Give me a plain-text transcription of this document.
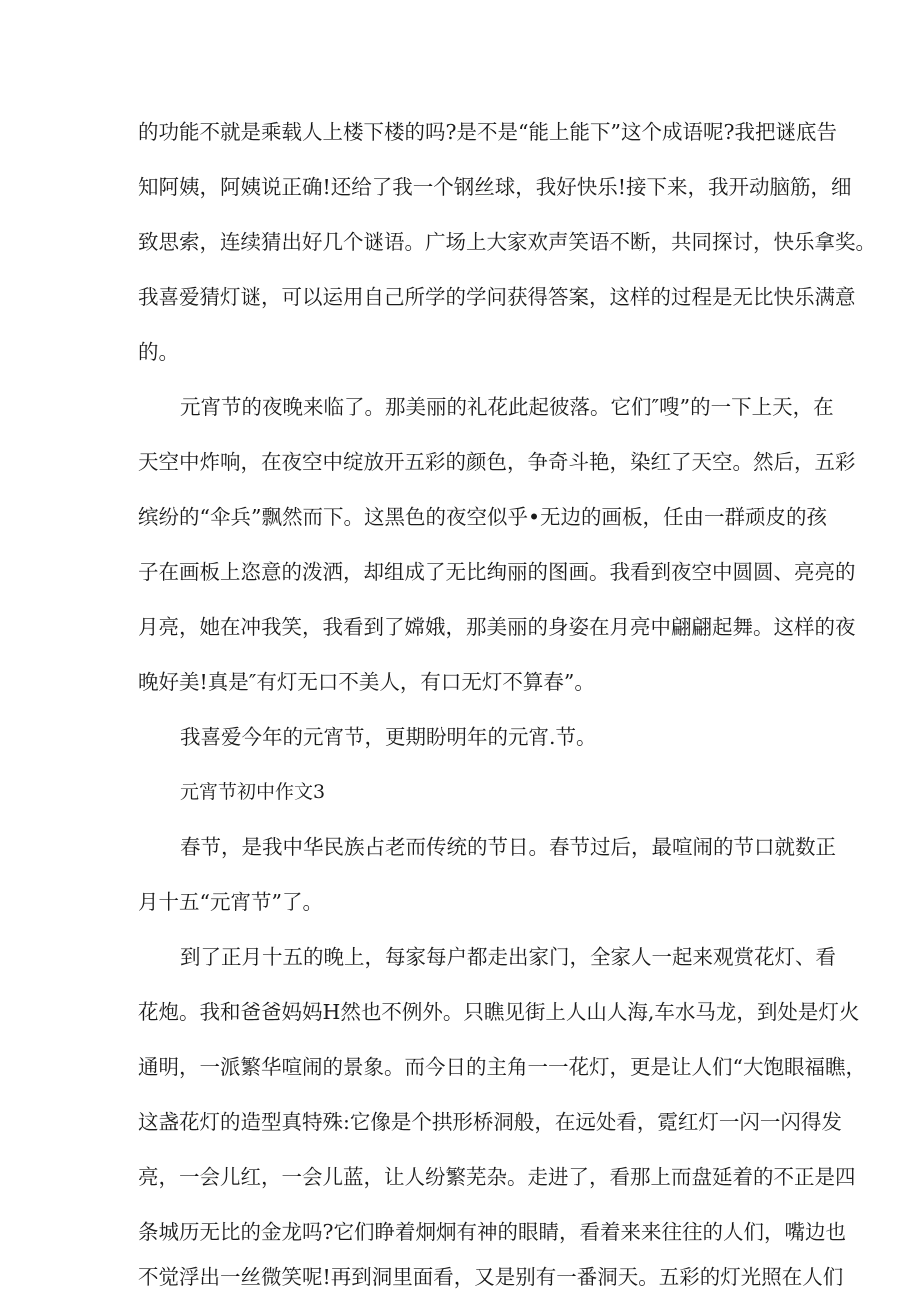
的功能不就是乘载人上楼下楼的吗?是不是“能上能下”这个成语呢?我把谜底告

知阿姨，阿姨说正确!还给了我一个钢丝球，我好快乐!接下来，我开动脑筋，细

致思索，连续猜出好几个谜语。广场上大家欢声笑语不断，共同探讨，快乐拿奖。

我喜爱猜灯谜，可以运用自己所学的学问获得答案，这样的过程是无比快乐满意

的。

元宵节的夜晚来临了。那美丽的礼花此起彼落。它们″嗖”的一下上天，在

天空中炸响，在夜空中绽放开五彩的颜色，争奇斗艳，染红了天空。然后，五彩

缤纷的“伞兵”飘然而下。这黑色的夜空似乎•无边的画板，任由一群顽皮的孩

子在画板上恣意的泼洒，却组成了无比绚丽的图画。我看到夜空中圆圆、亮亮的

月亮，她在冲我笑，我看到了嫦娥，那美丽的身姿在月亮中翩翩起舞。这样的夜

晚好美!真是″有灯无口不美人，有口无灯不算春”。

我喜爱今年的元宵节，更期盼明年的元宵.节。

元宵节初中作文3

春节，是我中华民族占老而传统的节日。春节过后，最喧闹的节口就数正

月十五“元宵节”了。

到了正月十五的晚上，每家每户都走出家门，全家人一起来观赏花灯、看

花炮。我和爸爸妈妈H然也不例外。只瞧见街上人山人海,车水马龙，到处是灯火

通明，一派繁华喧闹的景象。而今日的主角一一花灯，更是让人们“大饱眼福瞧，

这盏花灯的造型真特殊:它像是个拱形桥洞般，在远处看，霓红灯一闪一闪得发

亮，一会儿红，一会儿蓝，让人纷繁芜杂。走进了，看那上而盘延着的不正是四

条城历无比的金龙吗?它们睁着炯炯有神的眼睛，看着来来往往的人们，嘴边也

不觉浮出一丝微笑呢!再到洞里面看，又是别有一番洞天。五彩的灯光照在人们
